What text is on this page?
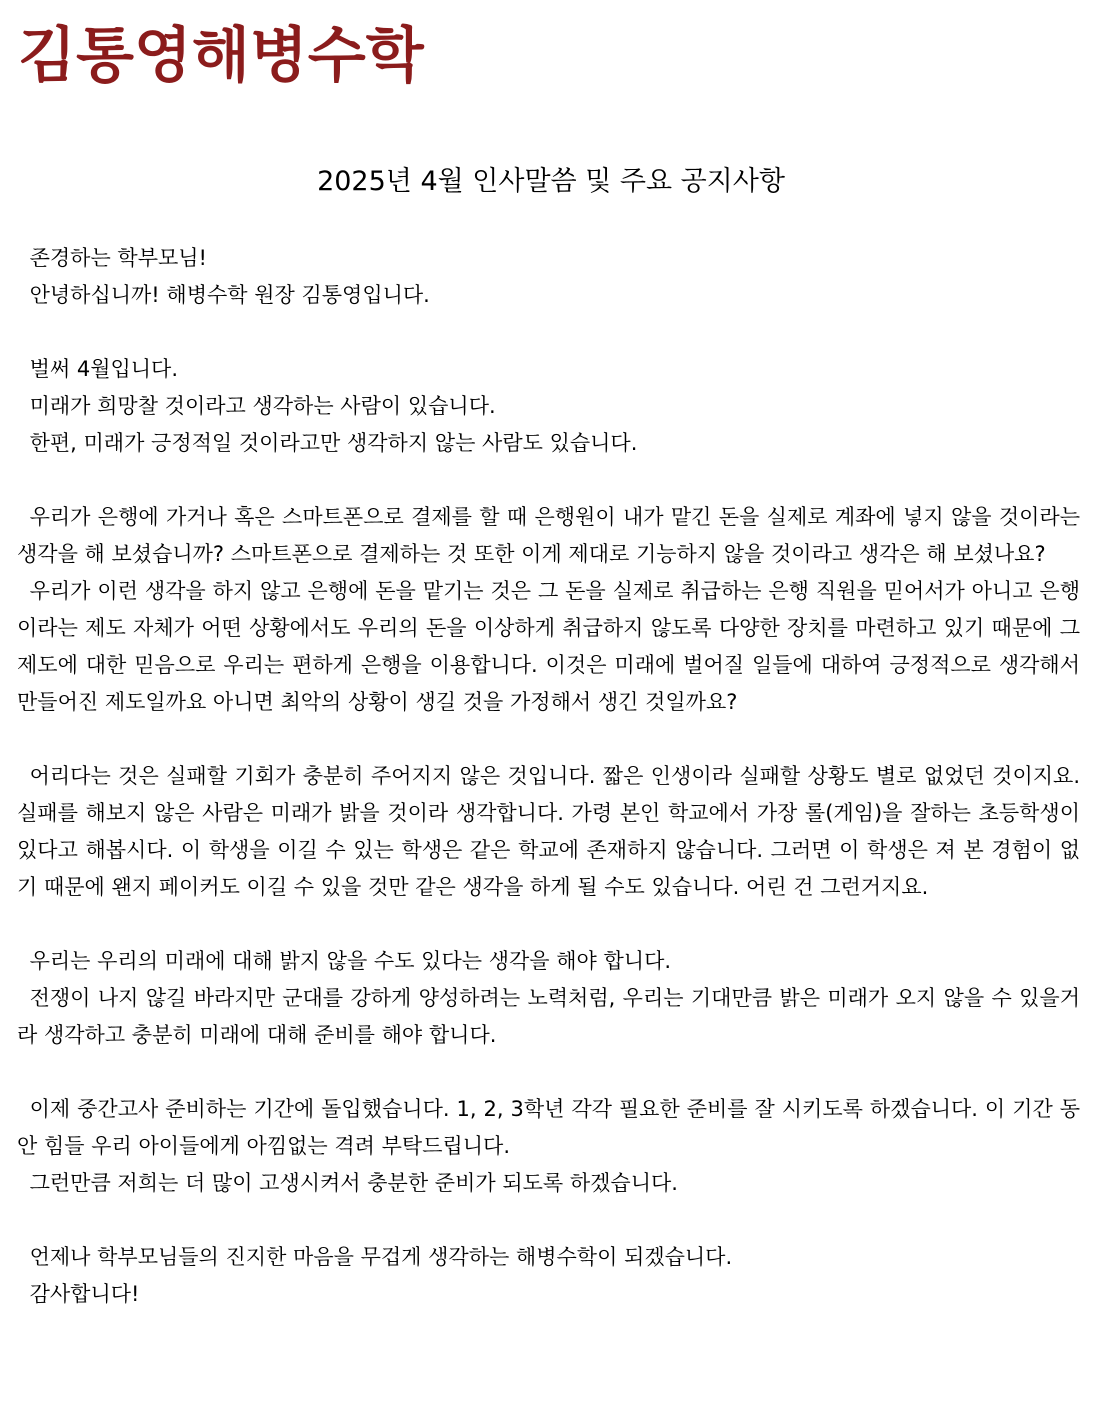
김통영해병수학
2025년 4월 인사말씀 및 주요 공지사항

존경하는 학부모님!

안녕하십니까! 해병수학 원장 김통영입니다.

벌써 4월입니다.

미래가 희망찰 것이라고 생각하는 사람이 있습니다.

한편, 미래가 긍정적일 것이라고만 생각하지 않는 사람도 있습니다.

우리가 은행에 가거나 혹은 스마트폰으로 결제를 할 때 은행원이 내가 맡긴 돈을 실제로 계좌에 넣지 않을 것이라는 생각을 해 보셨습니까? 스마트폰으로 결제하는 것 또한 이게 제대로 기능하지 않을 것이라고 생각은 해 보셨나요?

우리가 이런 생각을 하지 않고 은행에 돈을 맡기는 것은 그 돈을 실제로 취급하는 은행 직원을 믿어서가 아니고 은행이라는 제도 자체가 어떤 상황에서도 우리의 돈을 이상하게 취급하지 않도록 다양한 장치를 마련하고 있기 때문에 그 제도에 대한 믿음으로 우리는 편하게 은행을 이용합니다. 이것은 미래에 벌어질 일들에 대하여 긍정적으로 생각해서 만들어진 제도일까요 아니면 최악의 상황이 생길 것을 가정해서 생긴 것일까요?

어리다는 것은 실패할 기회가 충분히 주어지지 않은 것입니다. 짧은 인생이라 실패할 상황도 별로 없었던 것이지요. 실패를 해보지 않은 사람은 미래가 밝을 것이라 생각합니다. 가령 본인 학교에서 가장 롤(게임)을 잘하는 초등학생이 있다고 해봅시다. 이 학생을 이길 수 있는 학생은 같은 학교에 존재하지 않습니다. 그러면 이 학생은 져 본 경험이 없기 때문에 왠지 페이커도 이길 수 있을 것만 같은 생각을 하게 될 수도 있습니다. 어린 건 그런거지요.

우리는 우리의 미래에 대해 밝지 않을 수도 있다는 생각을 해야 합니다.

전쟁이 나지 않길 바라지만 군대를 강하게 양성하려는 노력처럼, 우리는 기대만큼 밝은 미래가 오지 않을 수 있을거라 생각하고 충분히 미래에 대해 준비를 해야 합니다.

이제 중간고사 준비하는 기간에 돌입했습니다. 1, 2, 3학년 각각 필요한 준비를 잘 시키도록 하겠습니다. 이 기간 동안 힘들 우리 아이들에게 아낌없는 격려 부탁드립니다.

그런만큼 저희는 더 많이 고생시켜서 충분한 준비가 되도록 하겠습니다.

언제나 학부모님들의 진지한 마음을 무겁게 생각하는 해병수학이 되겠습니다.

감사합니다!
